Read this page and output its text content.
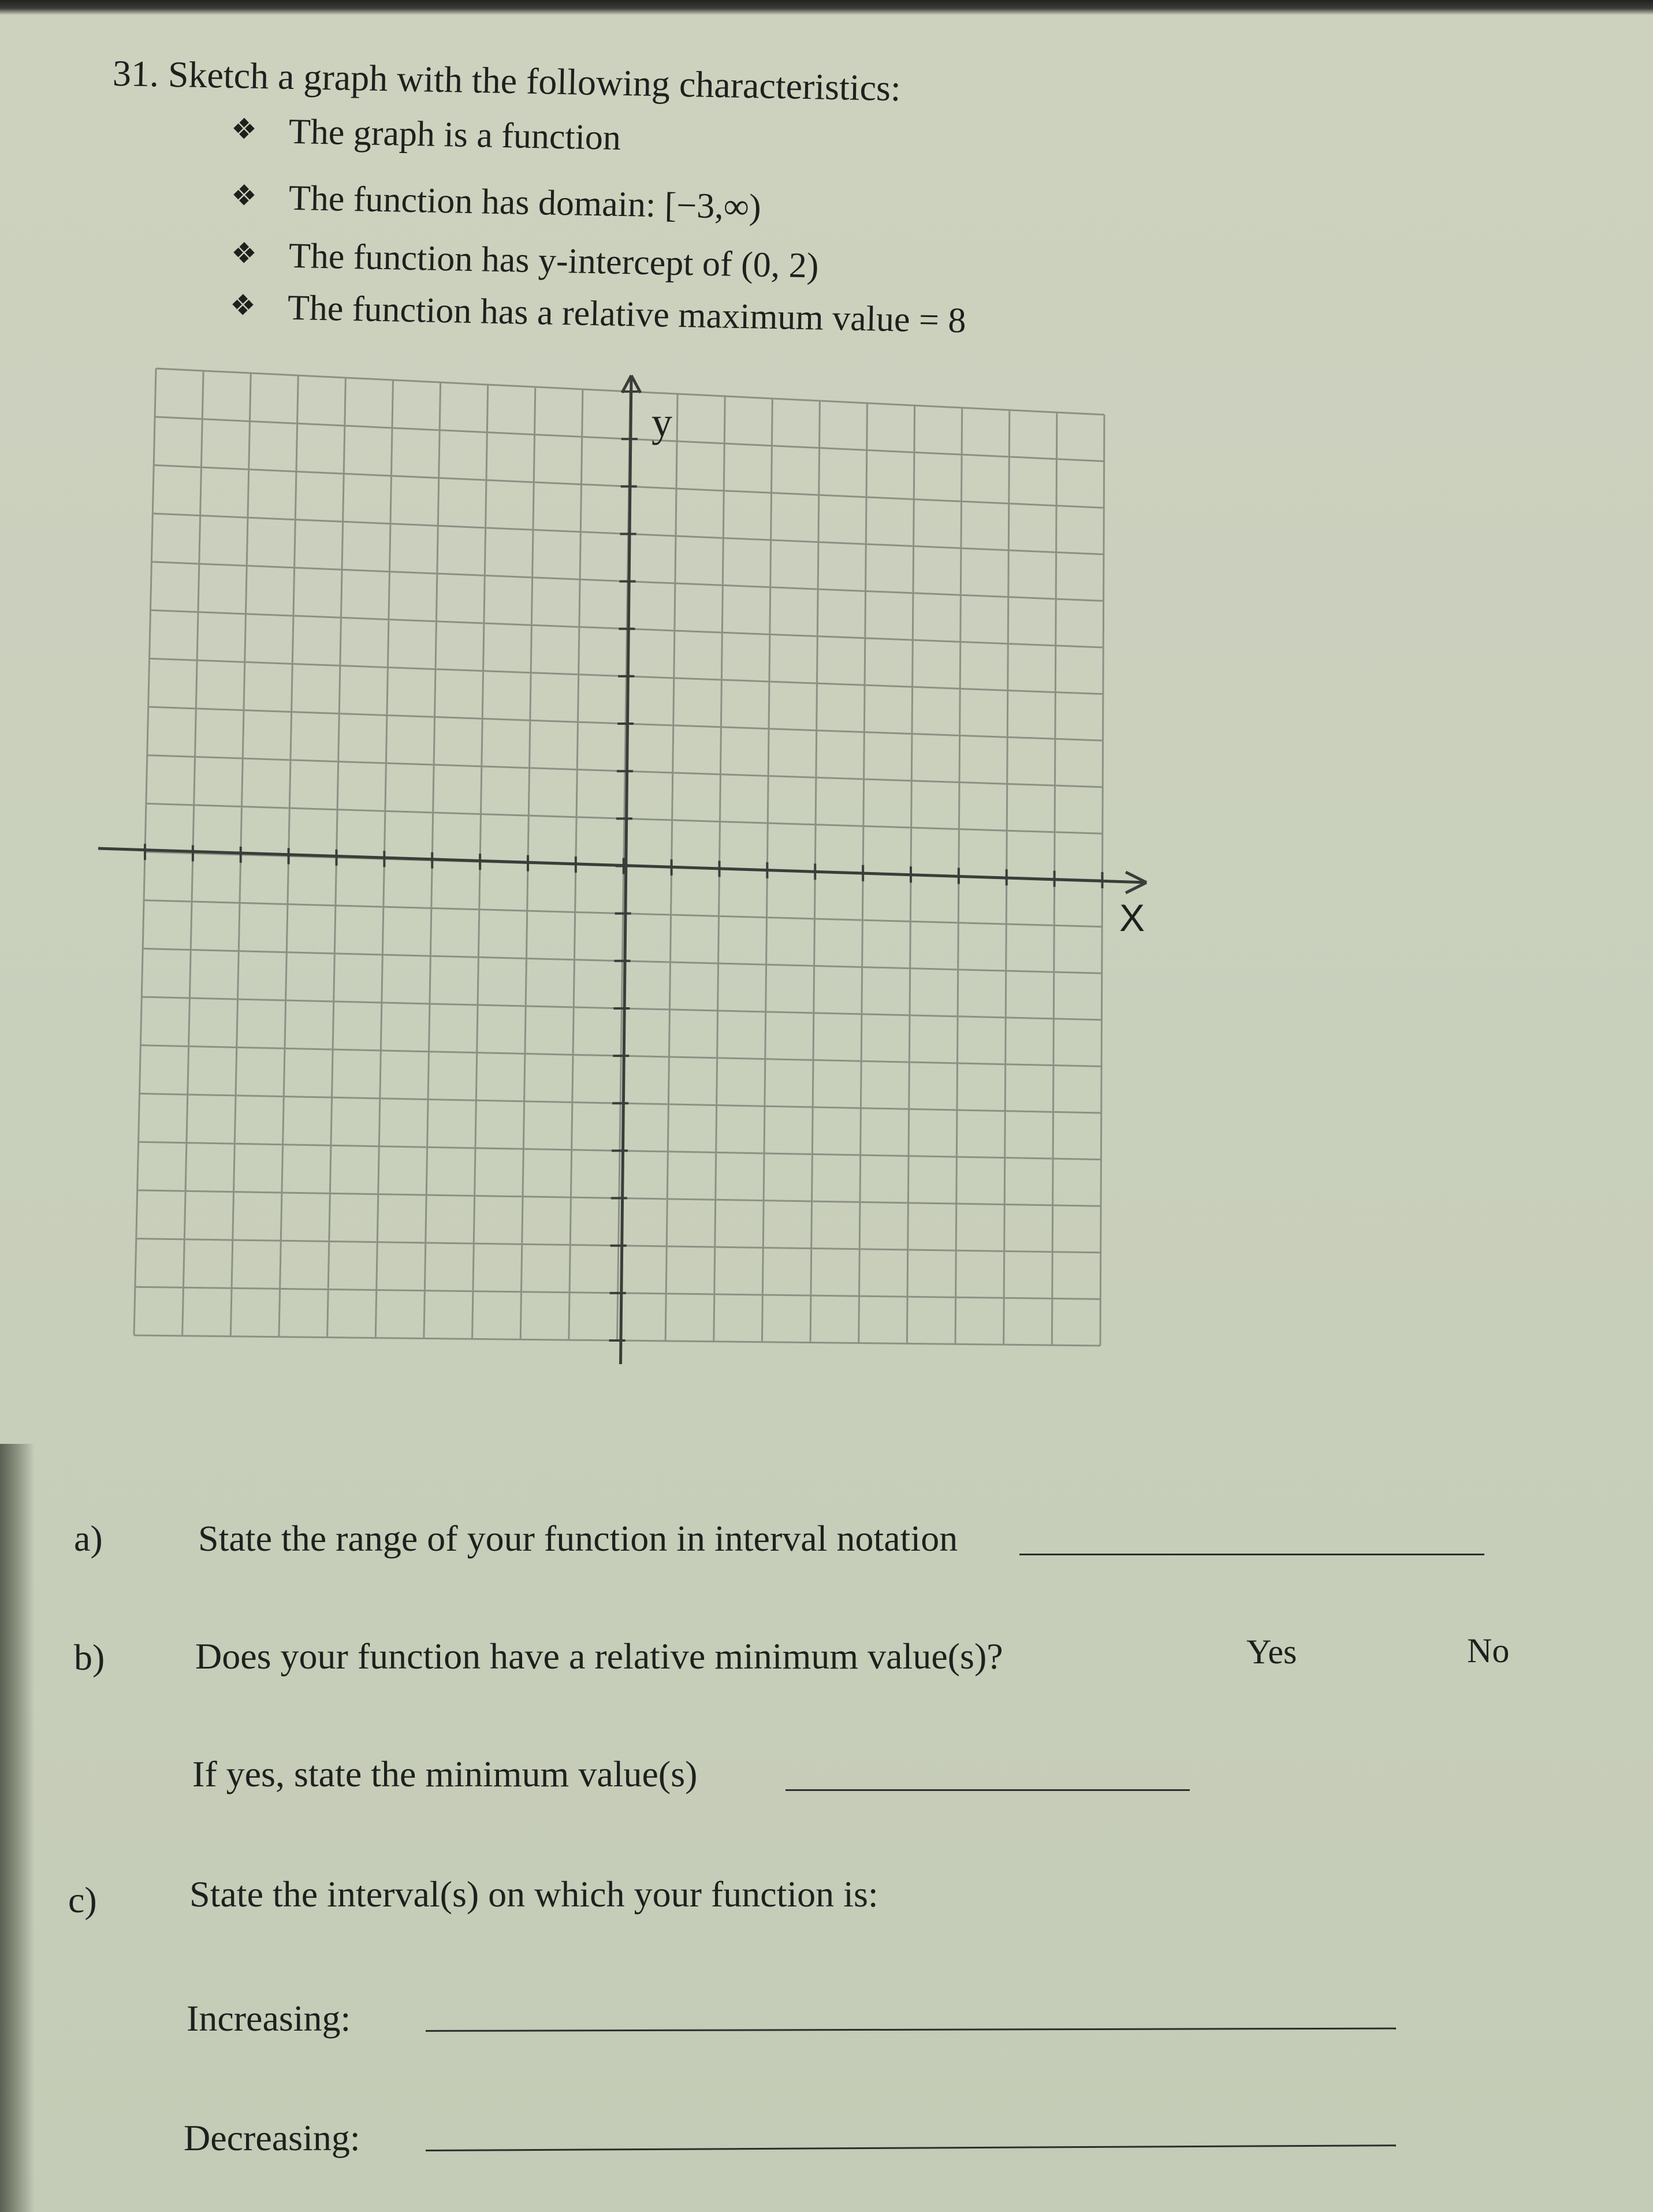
31. Sketch a graph with the following characteristics:
❖ The graph is a function
❖ The function has domain: [−3,∞)
❖ The function has y-intercept of (0, 2)
❖ The function has a relative maximum value = 8
y
X
a)	State the range of your function in interval notation
b) Does your function have a relative minimum value(s)?	Yes	No
If yes, state the minimum value(s)
c)	State the interval(s) on which your function is:
Increasing:
Decreasing:
